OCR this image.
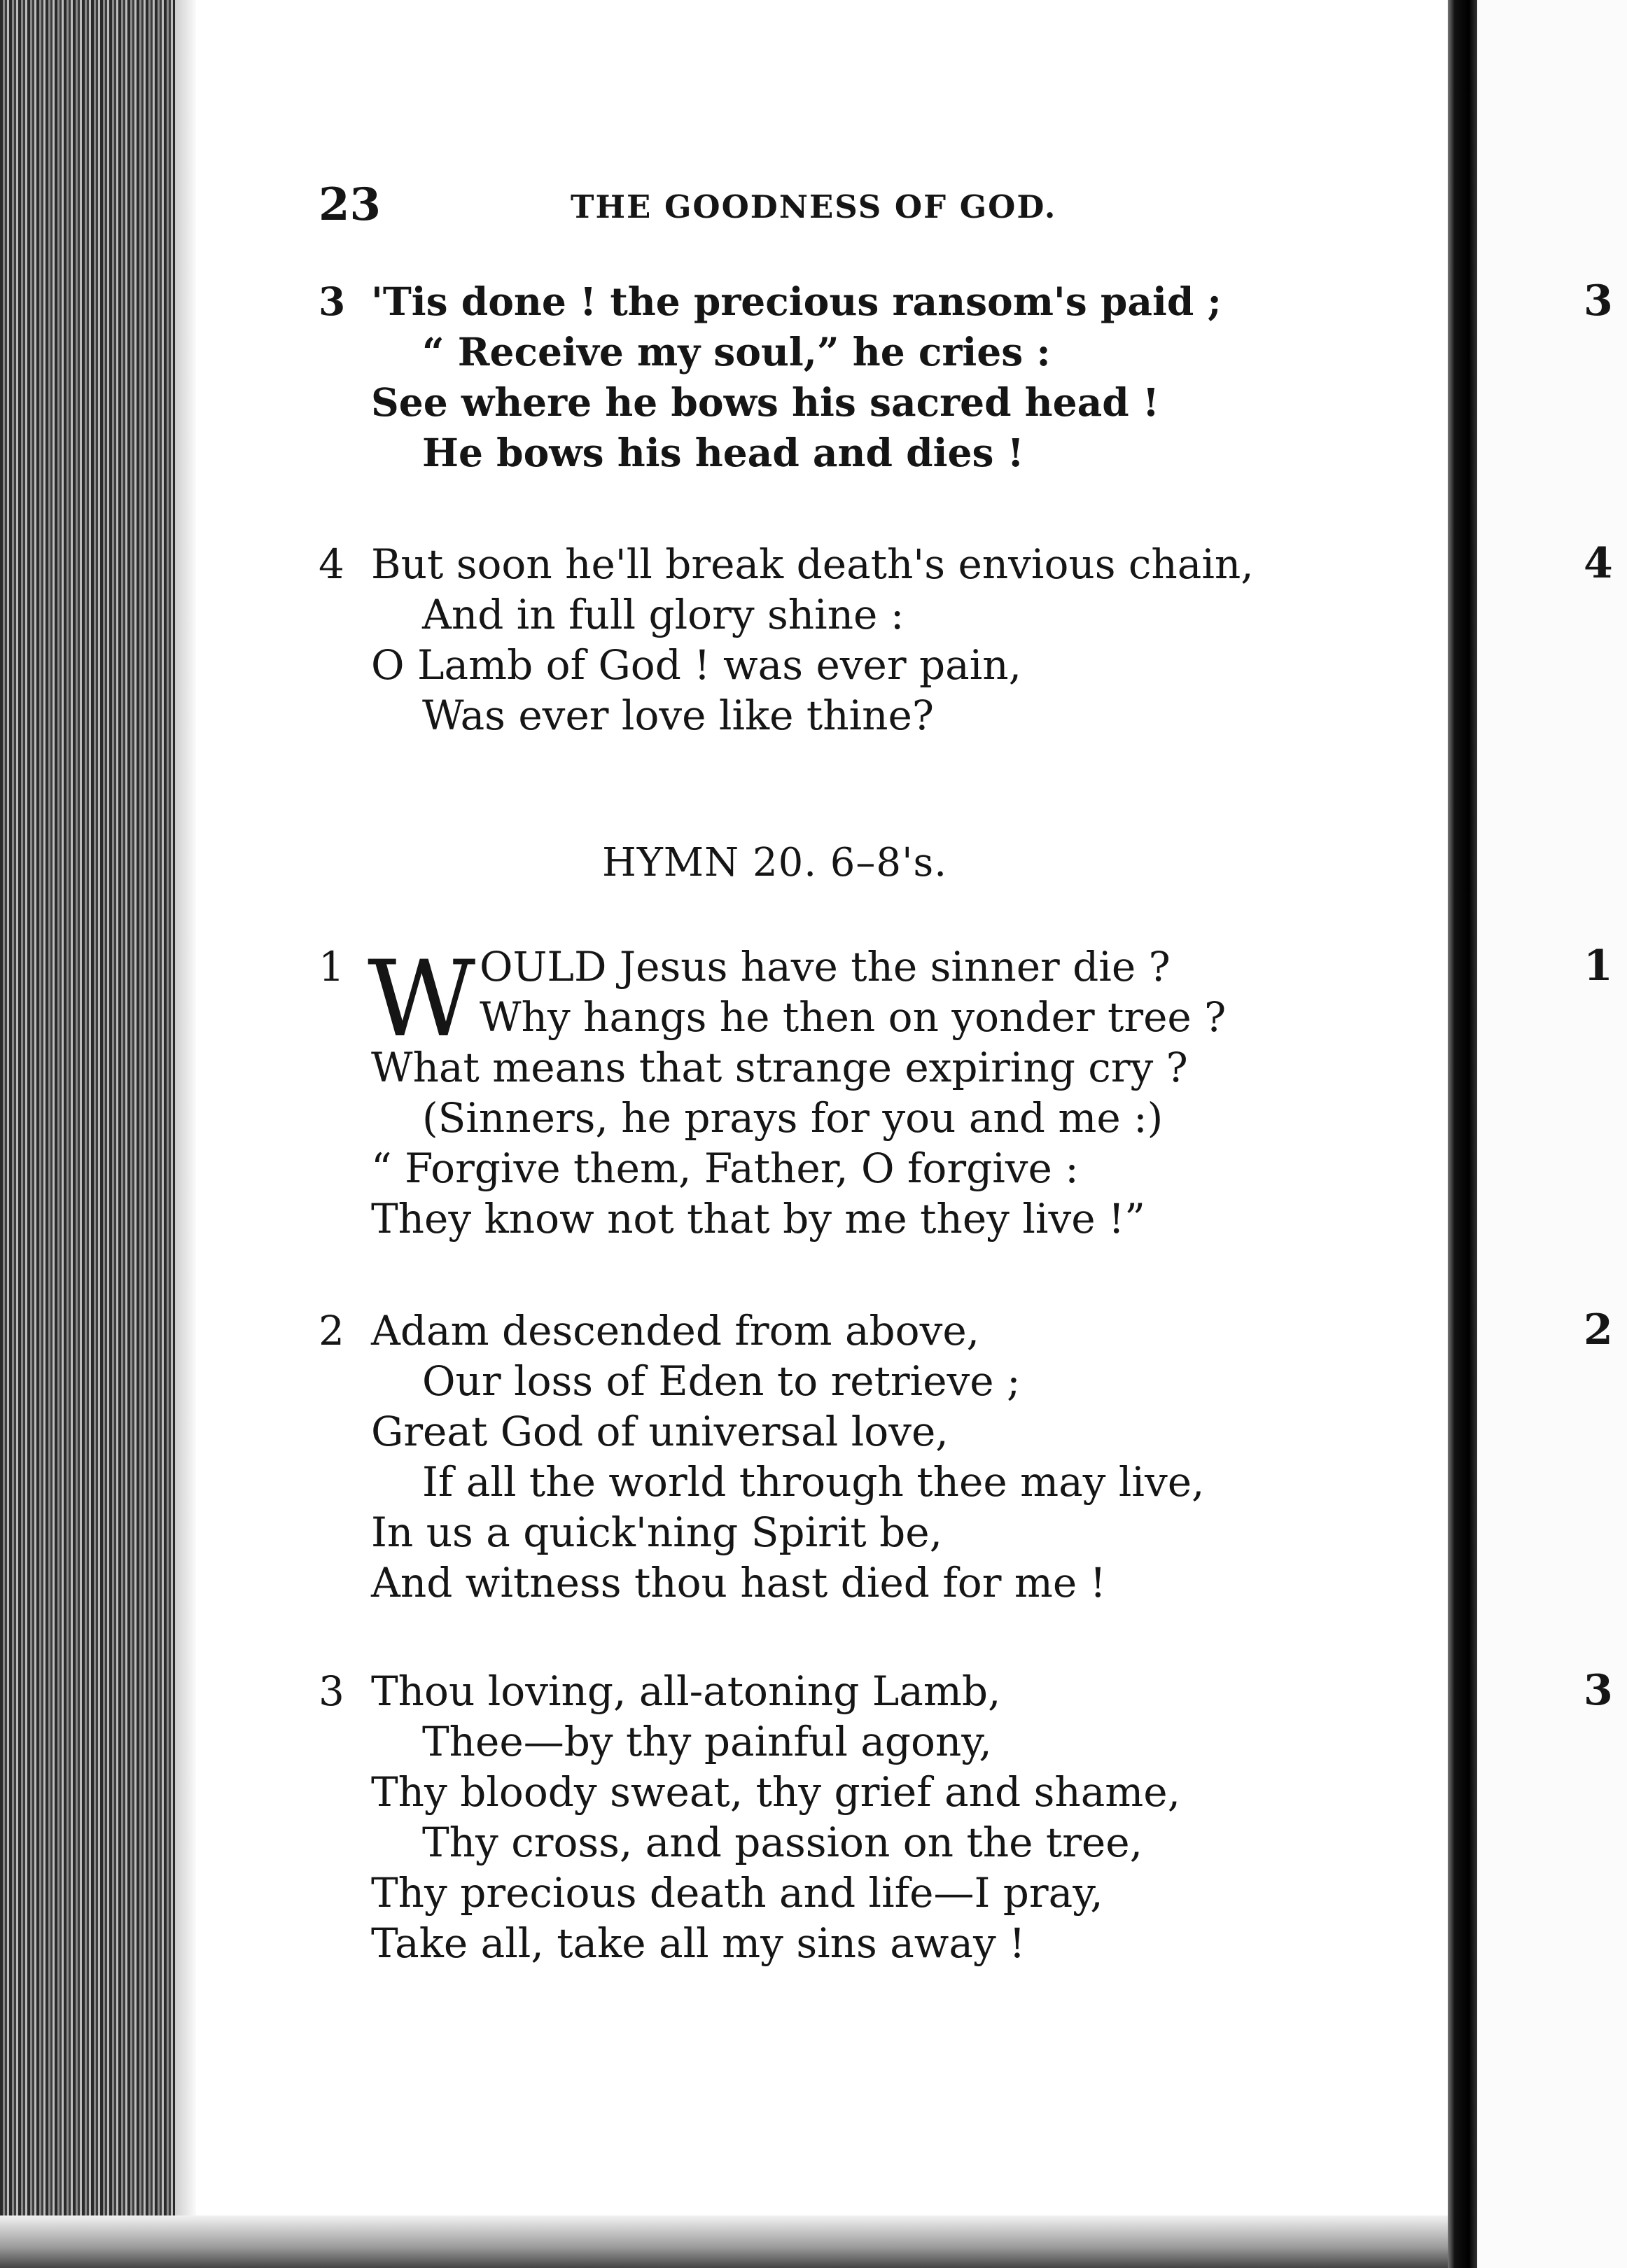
3
4
1
2
3
23	THE GOODNESS OF GOD.
3 'Tis done ! the precious ransom's paid ;
“ Receive my soul,” he cries :
See where he bows his sacred head !
He bows his head and dies !
4 But soon he'll break death's envious chain,
And in full glory shine :
O Lamb of God ! was ever pain,
Was ever love like thine?
HYMN 20. 6–8's.
W
1	OULD Jesus have the sinner die ?
Why hangs he then on yonder tree ?
What means that strange expiring cry ?
(Sinners, he prays for you and me :)
“ Forgive them, Father, O forgive :
They know not that by me they live !”
2 Adam descended from above,
Our loss of Eden to retrieve ;
Great God of universal love,
If all the world through thee may live,
In us a quick'ning Spirit be,
And witness thou hast died for me !
3 Thou loving, all-atoning Lamb,
Thee—by thy painful agony,
Thy bloody sweat, thy grief and shame,
Thy cross, and passion on the tree,
Thy precious death and life—I pray,
Take all, take all my sins away !
